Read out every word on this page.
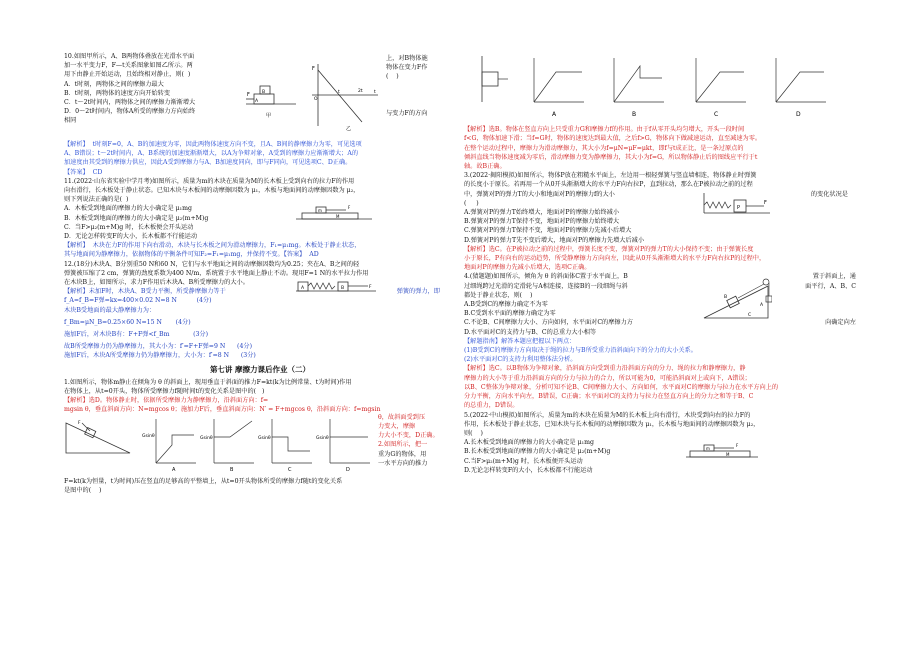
10.如图甲所示，A、B两物体叠放在光滑水平面

加一水平变力F，F—t关系图象如图乙所示。两

用下由静止开始运动，且始终相对静止，则(  )

A．t时刻，两物体之间的摩擦力最大

B．t时刻，两物体的速度方向开始转变

C．t～2t时间内，两物体之间的摩擦力渐渐增大

D．0～2t时间内，物体A所受的摩擦力方向始终

相同

F
A
B
甲
F
O
t	2t	t
乙

上，对B物体施

物体在变力F作

(    )

与变力F的方向

【解析】  t时刻F=0，A、B的加速度为零，因此两物体速度方向不变，且A、B间的静摩擦力为零，可见选项

A、B错误；t～2t时间内，A、B系统的加速度渐渐增大，以A为争辩对象，A受到的摩擦力应渐渐增大；A的

加速度由其受到的摩擦力供应，因此A受到摩擦力与A、B加速度同向，即与F同向，可见选项C、D正确。

【答案】  CD

11.(2022·山东省实验中学月考)如图所示，质量为m的木块在质量为M的长木板上受到向右的拉力F的作用

向右滑行，长木板处于静止状态。已知木块与木板间的动摩擦因数为 μ₁，木板与地面间的动摩擦因数为 μ₂，

则下列说法正确的是(  )

A．木板受到地面的摩擦力的大小确定是 μ₁mg

B．木板受到地面的摩擦力的大小确定是 μ₂(m+M)g

C．当F>μ₂(m+M)g 时，长木板便会开头运动

D．无论怎样转变F的大小，长木板都不行能运动

m
F
M

【解析】  木块在力F的作用下向右滑动，木块与长木板之间为滑动摩擦力，F₁=μ₁mg。木板处于静止状态，

其与地面间为静摩擦力，依据物体的平衡条件可知F₂=F₁=μ₁mg，并保持不变。【答案】  AD

12.(18分)木块A、B分别重50 N和60 N，它们与水平地面之间的动摩擦因数均为0.25；夹在A、B之间的轻

弹簧被压缩了2 cm，弹簧的劲度系数为400 N/m，系统置于水平地面上静止不动。现用F=1 N的水平拉力作用

在木块B上，如图所示，求力F作用后木块A、B所受摩擦力的大小。

A	B	F

【解析】未加F时，木块A、B受力平衡，所受静摩擦力等于	弹簧的弹力，即

f_A=f_B=F弹=kx=400×0.02 N=8 N          (4分)

木块B受地面的最大静摩擦力为：

f_Bm=μN_B=0.25×60 N=15 N       (4分)

施加F后，对木块B有：F+F弹<f_Bm            (3分)

故B所受摩擦力仍为静摩擦力，其大小为：f′=F+F弹=9 N      (4分)

施加F后，木块A所受摩擦力仍为静摩擦力，大小为：f′=8 N      (3分)

第七讲 摩擦力课后作业（二）

1.如图所示，物体m静止在倾角为 θ 的斜面上，现用垂直于斜面的推力F=kt(k为比例常量、t为时间)作用

在物体上，从t=0开头，物体所受摩擦力f随时间t的变化关系是图中的(   )

【解析】选D。物体静止时，依据所受摩擦力为静摩擦力，沿斜面方向：f=

mgsin θ，垂直斜面方向：N=mgcos θ；施加力F后，垂直斜面方向：N′ = F+mgcos θ，沿斜面方向：f=mgsin

F
Gsinθ
A
Gsinθ
B
Gsinθ
C
Gsinθ
D

θ，故斜面受到压

力变大，摩擦

力大小不变，D正确。

2.如图所示，把一

重为G的物体，用

一水平方向的推力

F=kt(k为恒量，t为时间)压在竖直的足够高的平整墙上，从t=0开头物体所受的摩擦力f随t的变化关系

是图中的(    )

A	B	C	D

【解析】选B。物体在竖直方向上只受重力G和摩擦力f的作用。由于f从零开头均匀增大，开头一段时间

f<G，物体加速下滑；当f=G时，物体的速度达到最大值，之后f>G，物体向下做减速运动，直至减速为零。

在整个运动过程中，摩擦力为滑动摩擦力，其大小为f=μN=μF=μkt，即f与t成正比，是一条过原点的

倾斜直线当物体速度减为零后，滑动摩擦力变为静摩擦力，其大小为f=G，所以物体静止后的图线应平行于t

轴。故B正确。

3.(2022·揭阳模拟)如图所示，物体P放在粗糙水平面上，左边用一根轻弹簧与竖直墙相连，物体静止时弹簧

的长度小于原长。若再用一个从0开头渐渐增大的水平力F向右拉P，直到拉动，那么在P被拉动之前的过程

中，弹簧对P的弹力T的大小和地面对P的摩擦力f的大小	的变化状况是

(     )

A.弹簧对P的弹力T始终增大，地面对P的摩擦力始终减小

B.弹簧对P的弹力T保持不变，地面对P的摩擦力始终增大

C.弹簧对P的弹力T保持不变，地面对P的摩擦力先减小后增大

D.弹簧对P的弹力T先不变后增大，地面对P的摩擦力先增大后减小

P
F

【解析】选C。在P被拉动之前的过程中，弹簧长度不变，弹簧对P的弹力T的大小保持不变；由于弹簧长度

小于原长，P有向右的运动趋势，所受静摩擦力方向向左，因此从0开头渐渐增大的水平力F向右拉P的过程中，

地面对P的摩擦力先减小后增大，选项C正确。

4.(猜题题)如图所示，倾角为 θ 的斜面体C置于水平面上，B	置于斜面上，通

过细绳跨过光滑的定滑轮与A相连接，连接B的一段细绳与斜	面平行，A、B、C

都处于静止状态，则(    )

A.B受到C的摩擦力确定不为零

B.C受到水平面的摩擦力确定为零

C.不论B、C间摩擦力大小、方向如何，水平面对C的摩擦力方	向确定向左

D.水平面对C的支持力与B、C的总重力大小相等

A
B
C

【解题指南】解答本题应把握以下两点：

(1)B受到C的摩擦力方向取决于绳的拉力与B所受重力沿斜面向下的分力的大小关系。

(2)水平面对C的支持力利用整体法分析。

【解析】选C。以B物体为争辩对象，沿斜面方向受到重力沿斜面方向的分力、绳的拉力和静摩擦力，静

摩擦力的大小等于重力沿斜面方向的分力与拉力的合力，所以可能为0，可能沿斜面对上或向下，A错误；

以B、C整体为争辩对象，分析可知不论B、C间摩擦力大小、方向如何，水平面对C的摩擦力与拉力在水平方向上的

分力平衡，方向水平向左，B错误，C正确；水平面对C的支持力与拉力在竖直方向上的分力之和等于B、C

的总重力，D错误。

5.(2022·中山模拟)如图所示，质量为m的木块在质量为M的长木板上向右滑行，木块受到向右的拉力F的

作用，长木板处于静止状态，已知木块与长木板间的动摩擦因数为 μ₁，长木板与地面间的动摩擦因数为 μ₂，

则(    )

A.长木板受到地面的摩擦力的大小确定是 μ₁mg

B.长木板受到地面的摩擦力的大小确定是 μ₂(m+M)g

C.当F>μ₂(m+M)g 时，长木板便开头运动

D.无论怎样转变F的大小，长木板都不行能运动

m
F
M
